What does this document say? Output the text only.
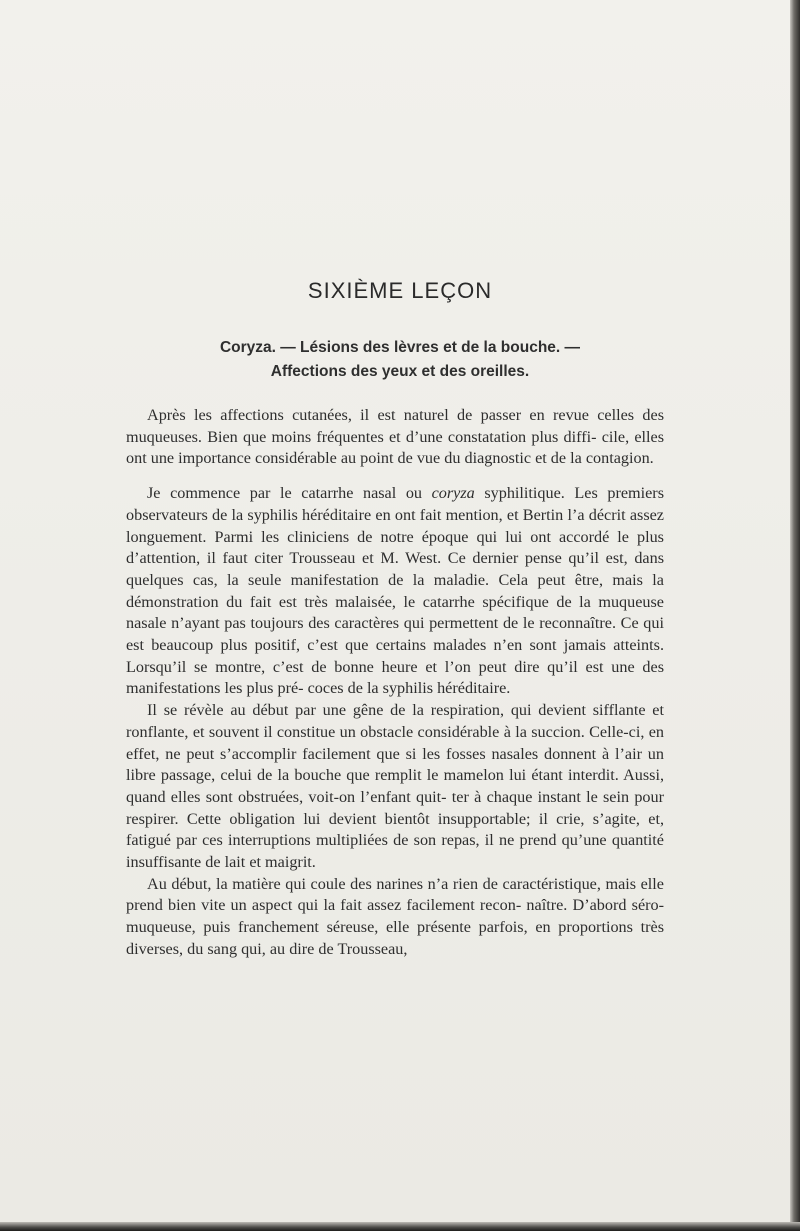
SIXIÈME LEÇON
Coryza. — Lésions des lèvres et de la bouche. —
Affections des yeux et des oreilles.

Après les affections cutanées, il est naturel de passer en revue celles des muqueuses. Bien que moins fréquentes et d’une constatation plus diffi- cile, elles ont une importance considérable au point de vue du diagnostic et de la contagion.

Je commence par le catarrhe nasal ou coryza syphilitique. Les premiers observateurs de la syphilis héréditaire en ont fait mention, et Bertin l’a décrit assez longuement. Parmi les cliniciens de notre époque qui lui ont accordé le plus d’attention, il faut citer Trousseau et M. West. Ce dernier pense qu’il est, dans quelques cas, la seule manifestation de la maladie. Cela peut être, mais la démonstration du fait est très malaisée, le catarrhe spécifique de la muqueuse nasale n’ayant pas toujours des caractères qui permettent de le reconnaître. Ce qui est beaucoup plus positif, c’est que certains malades n’en sont jamais atteints. Lorsqu’il se montre, c’est de bonne heure et l’on peut dire qu’il est une des manifestations les plus pré- coces de la syphilis héréditaire.

Il se révèle au début par une gêne de la respiration, qui devient sifflante et ronflante, et souvent il constitue un obstacle considérable à la succion. Celle-ci, en effet, ne peut s’accomplir facilement que si les fosses nasales donnent à l’air un libre passage, celui de la bouche que remplit le mamelon lui étant interdit. Aussi, quand elles sont obstruées, voit-on l’enfant quit- ter à chaque instant le sein pour respirer. Cette obligation lui devient bientôt insupportable; il crie, s’agite, et, fatigué par ces interruptions multipliées de son repas, il ne prend qu’une quantité insuffisante de lait et maigrit.

Au début, la matière qui coule des narines n’a rien de caractéristique, mais elle prend bien vite un aspect qui la fait assez facilement recon- naître. D’abord séro-muqueuse, puis franchement séreuse, elle présente parfois, en proportions très diverses, du sang qui, au dire de Trousseau,
